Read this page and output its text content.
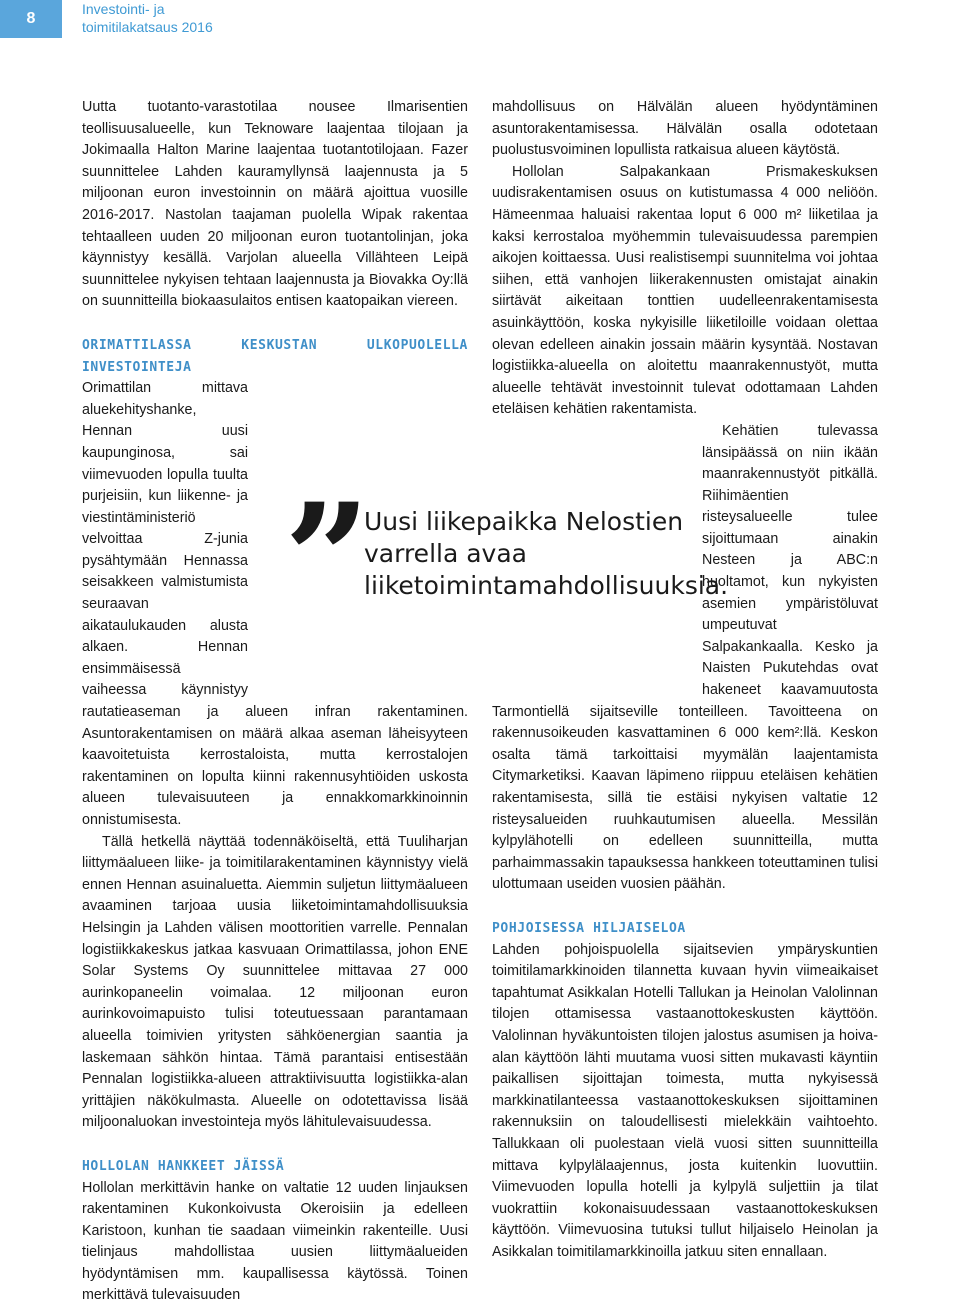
8
Investointi- ja
toimitilakatsaus 2016

Uutta tuotanto-varastotilaa nousee Ilmarisentien teollisuusalueelle, kun Teknoware laajentaa tilojaan ja Jokimaalla Halton Marine laajentaa tuotantotilojaan. Fazer suunnittelee Lahden kauramyllynsä laajennusta ja 5 miljoonan euron investoinnin on määrä ajoittua vuosille 2016-2017. Nastolan taajaman puolella Wipak rakentaa tehtaalleen uuden 20 miljoonan euron tuotantolinjan, joka käynnistyy kesällä. Varjolan alueella Villähteen Leipä suunnittelee nykyisen tehtaan laajennusta ja Biovakka Oy:llä on suunnitteilla biokaasulaitos entisen kaatopaikan viereen.

ORIMATTILASSA KESKUSTAN ULKOPUOLELLA INVESTOINTEJA

Orimattilan mittava aluekehityshanke, Hennan uusi kaupunginosa, sai viimevuoden lopulla tuulta purjeisiin, kun liikenne- ja viestintäministeriö velvoittaa Z-junia pysähtymään Hennassa seisakkeen valmistumista seuraavan aikataulukauden alusta alkaen. Hennan ensimmäisessä vaiheessa käynnistyy rautatieaseman ja alueen infran rakentaminen. Asuntorakentamisen on määrä alkaa aseman läheisyyteen kaavoitetuista kerrostaloista, mutta kerrostalojen rakentaminen on lopulta kiinni rakennusyhtiöiden uskosta alueen tulevaisuuteen ja ennakkomarkkinoinnin onnistumisesta.

Tällä hetkellä näyttää todennäköiseltä, että Tuuliharjan liittymäalueen liike- ja toimitilarakentaminen käynnistyy vielä ennen Hennan asuinaluetta. Aiemmin suljetun liittymäalueen avaaminen tarjoaa uusia liiketoimintamahdollisuuksia Helsingin ja Lahden välisen moottoritien varrelle. Pennalan logistiikkakeskus jatkaa kasvuaan Orimattilassa, johon ENE Solar Systems Oy suunnittelee mittavaa 27 000 aurinkopaneelin voimalaa. 12 miljoonan euron aurinkovoimapuisto tulisi toteutuessaan parantamaan alueella toimivien yritysten sähköenergian saantia ja laskemaan sähkön hintaa. Tämä parantaisi entisestään Pennalan logistiikka-alueen attraktiivisuutta logistiikka-alan yrittäjien näkökulmasta. Alueelle on odotettavissa lisää miljoonaluokan investointeja myös lähitulevaisuudessa.

HOLLOLAN HANKKEET JÄISSÄ

Hollolan merkittävin hanke on valtatie 12 uuden linjauksen rakentaminen Kukonkoivusta Okeroisiin ja edelleen Karistoon, kunhan tie saadaan viimeinkin rakenteille. Uusi tielinjaus mahdollistaa uusien liittymäalueiden hyödyntämisen mm. kaupallisessa käytössä. Toinen merkittävä tulevaisuuden

mahdollisuus on Hälvälän alueen hyödyntäminen asuntorakentamisessa. Hälvälän osalla odotetaan puolustusvoiminen lopullista ratkaisua alueen käytöstä.

Hollolan Salpakankaan Prismakeskuksen uudisrakentamisen osuus on kutistumassa 4 000 neliöön. Hämeenmaa haluaisi rakentaa loput 6 000 m² liiketilaa ja kaksi kerrostaloa myöhemmin tulevaisuudessa parempien aikojen koittaessa. Uusi realistisempi suunnitelma voi johtaa siihen, että vanhojen liikerakennusten omistajat ainakin siirtävät aikeitaan tonttien uudelleenrakentamisesta asuinkäyttöön, koska nykyisille liiketiloille voidaan olettaa olevan edelleen ainakin jossain määrin kysyntää. Nostavan logistiikka-alueella on aloitettu maanrakennustyöt, mutta alueelle tehtävät investoinnit tulevat odottamaan Lahden eteläisen kehätien rakentamista.

Kehätien tulevassa länsipäässä on niin ikään maanrakennustyöt pitkällä. Riihimäentien risteysalueelle tulee sijoittumaan ainakin Nesteen ja ABC:n huoltamot, kun nykyisten asemien ympäristöluvat umpeutuvat Salpakankaalla. Kesko ja Naisten Pukutehdas ovat hakeneet kaavamuutosta Tarmontiellä sijaitseville tonteilleen. Tavoitteena on rakennusoikeuden kasvattaminen 6 000 kem²:llä. Keskon osalta tämä tarkoittaisi myymälän laajentamista Citymarketiksi. Kaavan läpimeno riippuu eteläisen kehätien rakentamisesta, sillä tie estäisi nykyisen valtatie 12 risteysalueiden ruuhkautumisen alueella. Messilän kylpylähotelli on edelleen suunnitteilla, mutta parhaimmassakin tapauksessa hankkeen toteuttaminen tulisi ulottumaan useiden vuosien päähän.

POHJOISESSA HILJAISELOA

Lahden pohjoispuolella sijaitsevien ympäryskuntien toimitilamarkkinoiden tilannetta kuvaan hyvin viimeaikaiset tapahtumat Asikkalan Hotelli Tallukan ja Heinolan Valolinnan tilojen ottamisessa vastaanottokeskusten käyttöön. Valolinnan hyväkuntoisten tilojen jalostus asumisen ja hoiva-alan käyttöön lähti muutama vuosi sitten mukavasti käyntiin paikallisen sijoittajan toimesta, mutta nykyisessä markkinatilanteessa vastaanottokeskuksen sijoittaminen rakennuksiin on taloudellisesti mielekkäin vaihtoehto. Tallukkaan oli puolestaan vielä vuosi sitten suunnitteilla mittava kylpylälaajennus, josta kuitenkin luovuttiin. Viimevuoden lopulla hotelli ja kylpylä suljettiin ja tilat vuokrattiin kokonaisuudessaan vastaanottokeskuksen käyttöön. Viimevuosina tutuksi tullut hiljaiselo Heinolan ja Asikkalan toimitilamarkkinoilla jatkuu siten ennallaan.

”

Uusi liikepaikka Nelostien varrella avaa liiketoimintamahdollisuuksia.
